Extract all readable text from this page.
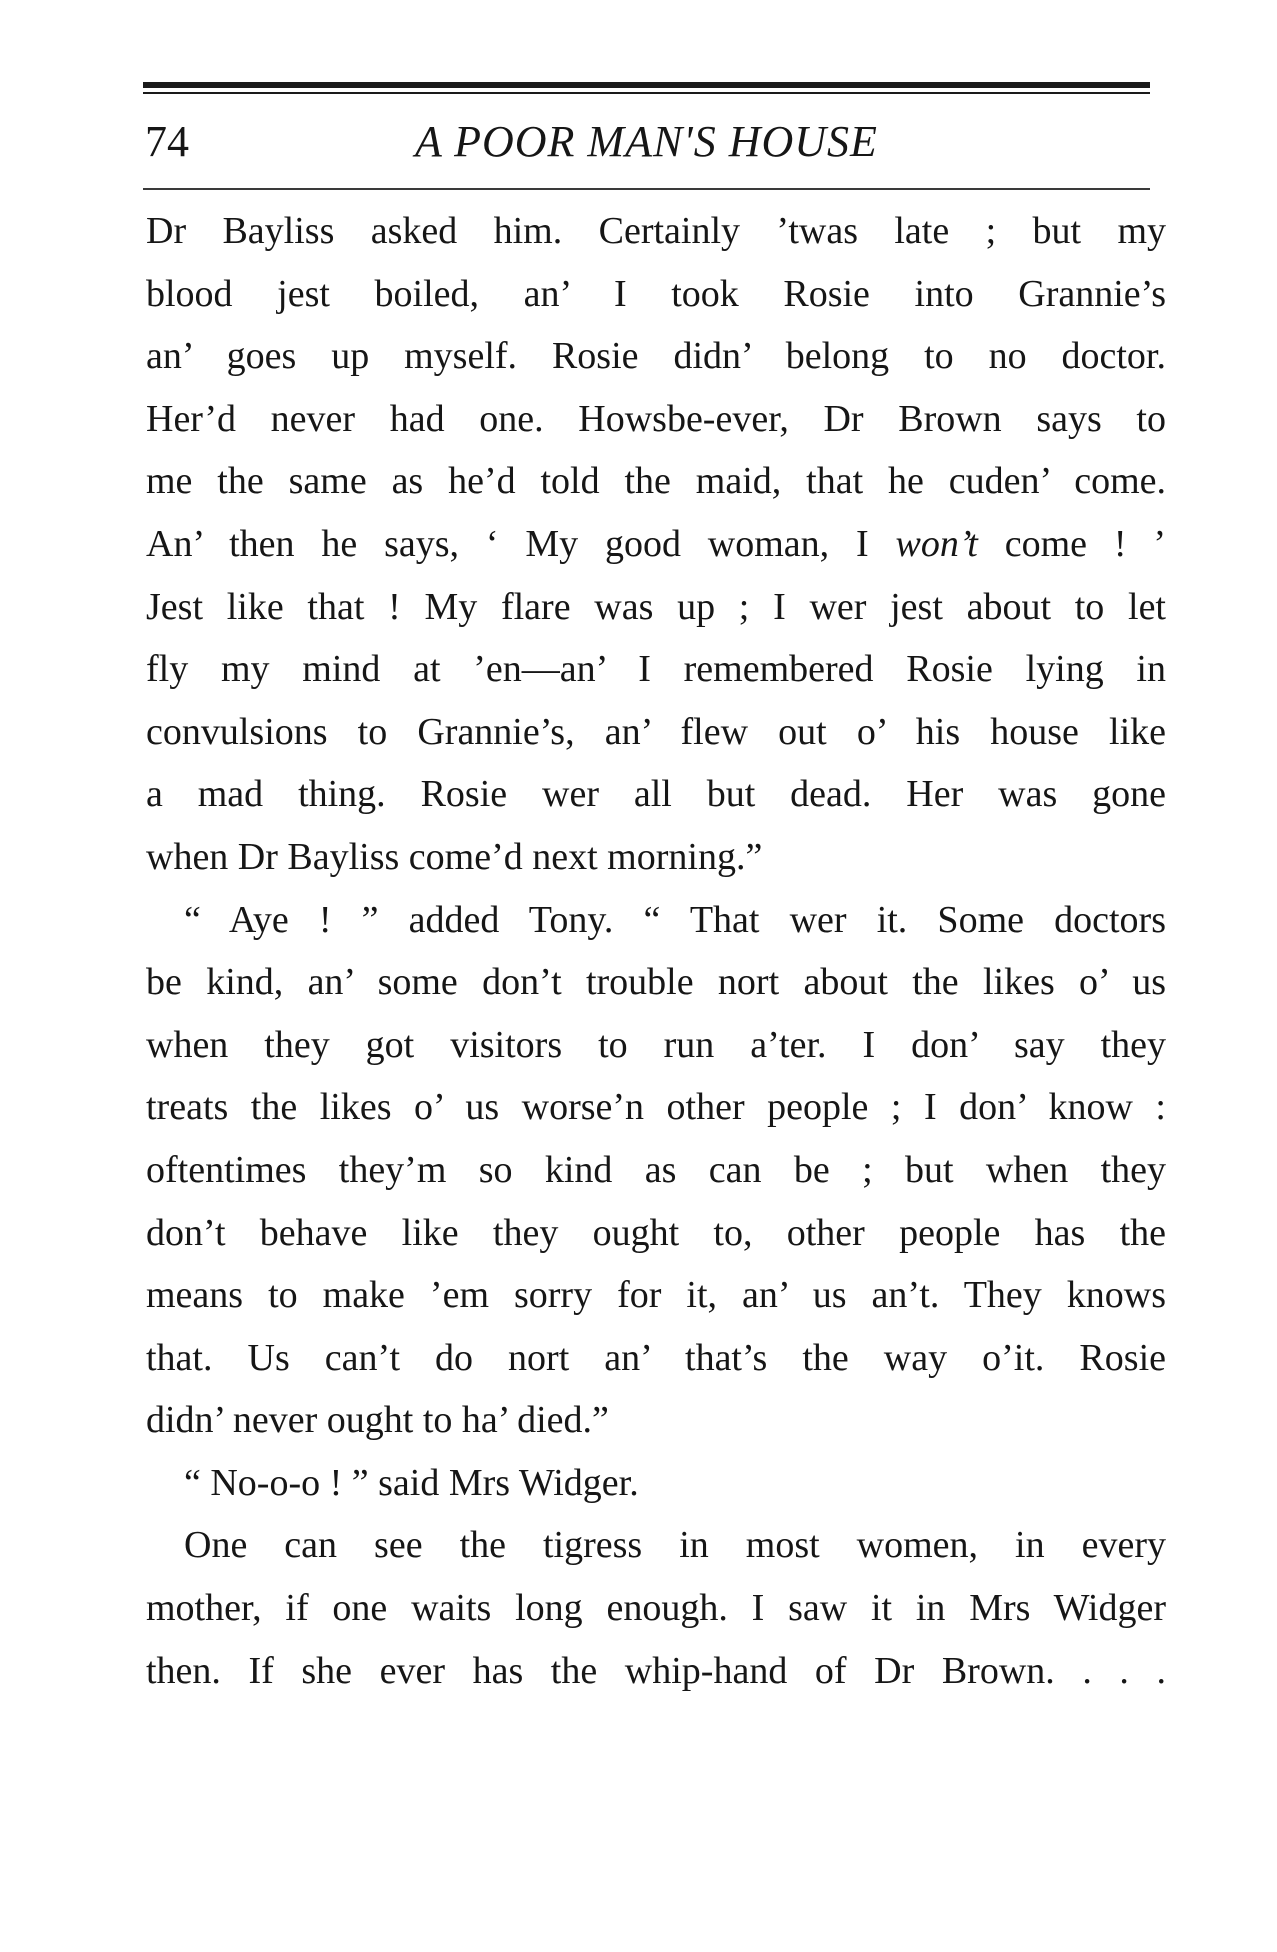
74	A POOR MAN'S HOUSE
Dr Bayliss asked him. Certainly ’twas late ; but my
blood jest boiled, an’ I took Rosie into Grannie’s
an’ goes up myself. Rosie didn’ belong to no doctor.
Her’d never had one. Howsbe-ever, Dr Brown says to
me the same as he’d told the maid, that he cuden’ come.
An’ then he says, ‘ My good woman, I won’t come ! ’
Jest like that ! My flare was up ; I wer jest about to let
fly my mind at ’en—an’ I remembered Rosie lying in
convulsions to Grannie’s, an’ flew out o’ his house like
a mad thing. Rosie wer all but dead. Her was gone
when Dr Bayliss come’d next morning.”
“ Aye ! ” added Tony. “ That wer it. Some doctors
be kind, an’ some don’t trouble nort about the likes o’ us
when they got visitors to run a’ter. I don’ say they
treats the likes o’ us worse’n other people ; I don’ know :
oftentimes they’m so kind as can be ; but when they
don’t behave like they ought to, other people has the
means to make ’em sorry for it, an’ us an’t. They knows
that. Us can’t do nort an’ that’s the way o’it. Rosie
didn’ never ought to ha’ died.”
“ No-o-o ! ” said Mrs Widger.
One can see the tigress in most women, in every
mother, if one waits long enough. I saw it in Mrs Widger
then. If she ever has the whip-hand of Dr Brown. . . .
